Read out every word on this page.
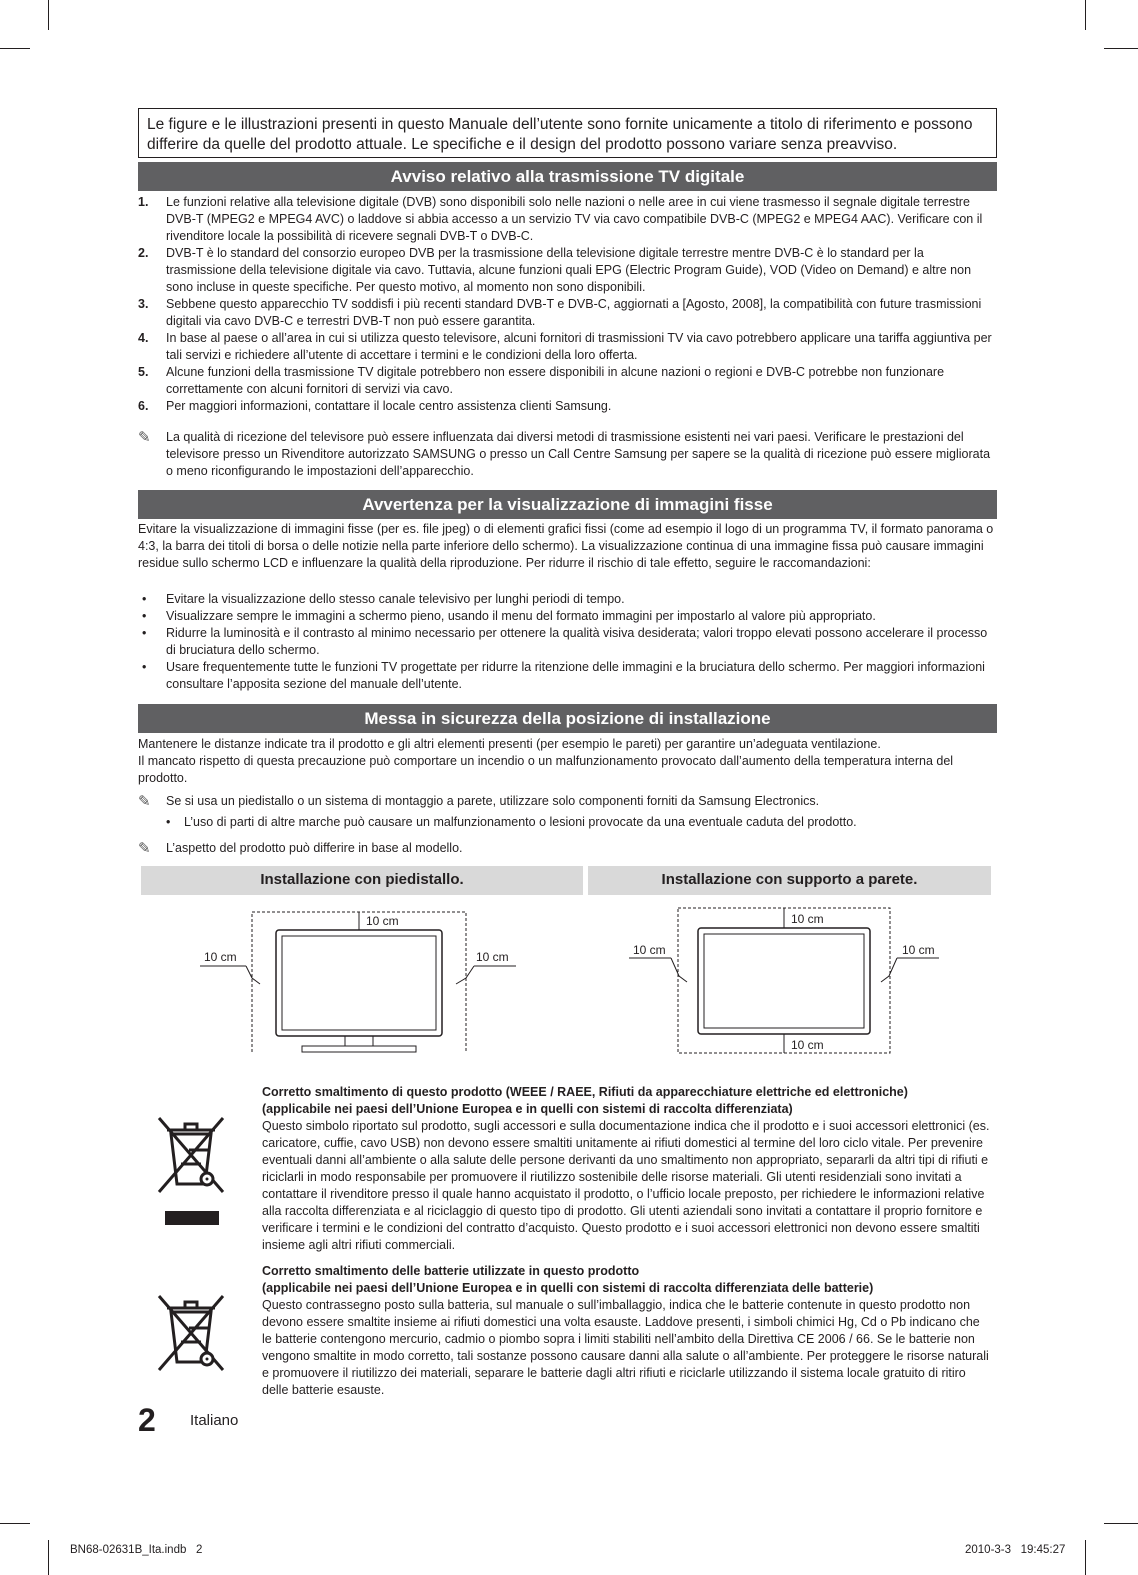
Le figure e le illustrazioni presenti in questo Manuale dell’utente sono fornite unicamente a titolo di riferimento e possono differire da quelle del prodotto attuale. Le specifiche e il design del prodotto possono variare senza preavviso.
Avviso relativo alla trasmissione TV digitale
1.	Le funzioni relative alla televisione digitale (DVB) sono disponibili solo nelle nazioni o nelle aree in cui viene trasmesso il segnale digitale terrestre DVB-T (MPEG2 e MPEG4 AVC) o laddove si abbia accesso a un servizio TV via cavo compatibile DVB-C (MPEG2 e MPEG4 AAC). Verificare con il rivenditore locale la possibilità di ricevere segnali DVB-T o DVB-C.
2.	DVB-T è lo standard del consorzio europeo DVB per la trasmissione della televisione digitale terrestre mentre DVB-C è lo standard per la trasmissione della televisione digitale via cavo. Tuttavia, alcune funzioni quali EPG (Electric Program Guide), VOD (Video on Demand) e altre non sono incluse in queste specifiche. Per questo motivo, al momento non sono disponibili.
3.	Sebbene questo apparecchio TV soddisfi i più recenti standard DVB-T e DVB-C, aggiornati a [Agosto, 2008], la compatibilità con future trasmissioni digitali via cavo DVB-C e terrestri DVB-T non può essere garantita.
4.	In base al paese o all’area in cui si utilizza questo televisore, alcuni fornitori di trasmissioni TV via cavo potrebbero applicare una tariffa aggiuntiva per tali servizi e richiedere all’utente di accettare i termini e le condizioni della loro offerta.
5.	Alcune funzioni della trasmissione TV digitale potrebbero non essere disponibili in alcune nazioni o regioni e DVB-C potrebbe non funzionare correttamente con alcuni fornitori di servizi via cavo.
6.	Per maggiori informazioni, contattare il locale centro assistenza clienti Samsung.
✎	La qualità di ricezione del televisore può essere influenzata dai diversi metodi di trasmissione esistenti nei vari paesi. Verificare le prestazioni del televisore presso un Rivenditore autorizzato SAMSUNG o presso un Call Centre Samsung per sapere se la qualità di ricezione può essere migliorata o meno riconfigurando le impostazioni dell’apparecchio.
Avvertenza per la visualizzazione di immagini fisse
Evitare la visualizzazione di immagini fisse (per es. file jpeg) o di elementi grafici fissi (come ad esempio il logo di un programma TV, il formato panorama o 4:3, la barra dei titoli di borsa o delle notizie nella parte inferiore dello schermo). La visualizzazione continua di una immagine fissa può causare immagini residue sullo schermo LCD e influenzare la qualità della riproduzione. Per ridurre il rischio di tale effetto, seguire le raccomandazioni:
•	Evitare la visualizzazione dello stesso canale televisivo per lunghi periodi di tempo.
•	Visualizzare sempre le immagini a schermo pieno, usando il menu del formato immagini per impostarlo al valore più appropriato.
•	Ridurre la luminosità e il contrasto al minimo necessario per ottenere la qualità visiva desiderata; valori troppo elevati possono accelerare il processo di bruciatura dello schermo.
•	Usare frequentemente tutte le funzioni TV progettate per ridurre la ritenzione delle immagini e la bruciatura dello schermo. Per maggiori informazioni consultare l’apposita sezione del manuale dell’utente.
Messa in sicurezza della posizione di installazione
Mantenere le distanze indicate tra il prodotto e gli altri elementi presenti (per esempio le pareti) per garantire un’adeguata ventilazione.
Il mancato rispetto di questa precauzione può comportare un incendio o un malfunzionamento provocato dall’aumento della temperatura interna del prodotto.
✎	Se si usa un piedistallo o un sistema di montaggio a parete, utilizzare solo componenti forniti da Samsung Electronics.
•	L’uso di parti di altre marche può causare un malfunzionamento o lesioni provocate da una eventuale caduta del prodotto.
✎	L’aspetto del prodotto può differire in base al modello.
Installazione con piedistallo.	Installazione con supporto a parete.
10 cm
10 cm	10 cm
10 cm
10 cm
10 cm	10 cm
Corretto smaltimento di questo prodotto (WEEE / RAEE, Rifiuti da apparecchiature elettriche ed elettroniche)
(applicabile nei paesi dell’Unione Europea e in quelli con sistemi di raccolta differenziata)
Questo simbolo riportato sul prodotto, sugli accessori e sulla documentazione indica che il prodotto e i suoi accessori elettronici (es. caricatore, cuffie, cavo USB) non devono essere smaltiti unitamente ai rifiuti domestici al termine del loro ciclo vitale. Per prevenire eventuali danni all’ambiente o alla salute delle persone derivanti da uno smaltimento non appropriato, separarli da altri tipi di rifiuti e riciclarli in modo responsabile per promuovere il riutilizzo sostenibile delle risorse materiali. Gli utenti residenziali sono invitati a contattare il rivenditore presso il quale hanno acquistato il prodotto, o l’ufficio locale preposto, per richiedere le informazioni relative alla raccolta differenziata e al riciclaggio di questo tipo di prodotto. Gli utenti aziendali sono invitati a contattare il proprio fornitore e verificare i termini e le condizioni del contratto d’acquisto. Questo prodotto e i suoi accessori elettronici non devono essere smaltiti insieme agli altri rifiuti commerciali.
Corretto smaltimento delle batterie utilizzate in questo prodotto
(applicabile nei paesi dell’Unione Europea e in quelli con sistemi di raccolta differenziata delle batterie)
Questo contrassegno posto sulla batteria, sul manuale o sull’imballaggio, indica che le batterie contenute in questo prodotto non devono essere smaltite insieme ai rifiuti domestici una volta esauste. Laddove presenti, i simboli chimici Hg, Cd o Pb indicano che le batterie contengono mercurio, cadmio o piombo sopra i limiti stabiliti nell’ambito della Direttiva CE 2006 / 66. Se le batterie non vengono smaltite in modo corretto, tali sostanze possono causare danni alla salute o all’ambiente. Per proteggere le risorse naturali e promuovere il riutilizzo dei materiali, separare le batterie dagli altri rifiuti e riciclarle utilizzando il sistema locale gratuito di ritiro delle batterie esauste.
2 Italiano
BN68-02631B_Ita.indb   2	2010-3-3   19:45:27
